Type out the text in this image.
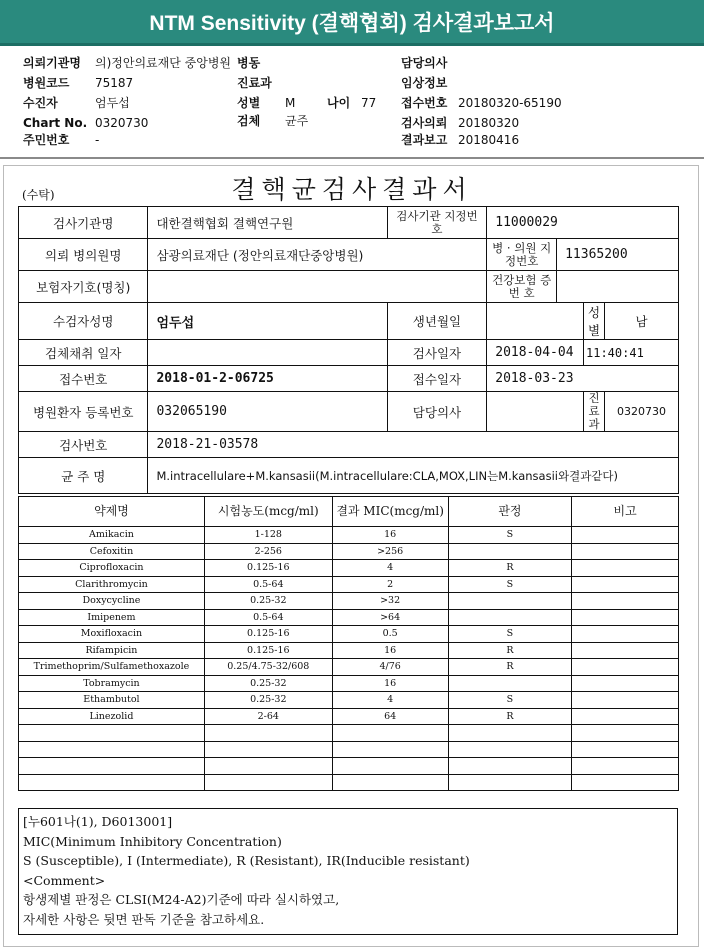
NTM Sensitivity (결핵협회) 검사결과보고서
의뢰기관명 의)정안의료재단 중앙병원 병동	담당의사
병원코드 75187	진료과	임상정보
수진자	엄두섭	성별 M	나이 77 접수번호 20180320-65190
Chart No. 0320730	검체 균주	검사의뢰 20180320
주민번호 -	결과보고 20180416
결핵균검사결과서
(수탁)
검사기관명	대한결핵협회 결핵연구원	검사기관 지정번호	11000029			
의뢰 병의원명	삼광의료재단 (정안의료재단중앙병원)		병 · 의원 지정번호	11365200		
보험자기호(명칭)			건강보험 증 번 호			
수검자성명	엄두섭	생년월일			성별	남
검체채취 일자		검사일자	2018-04-04		11:40:41	
접수번호	2018-01-2-06725	접수일자	2018-03-23			
병원환자 등록번호	032065190	담당의사			진료과	0320730
검사번호	2018-21-03578					
균 주 명	M.intracellulare+M.kansasii(M.intracellulare:CLA,MOX,LIN는M.kansasii와결과같다)					
약제명	시험농도(mcg/ml)	결과 MIC(mcg/ml)	판정	비고
Amikacin	1-128	16	S	
Cefoxitin	2-256	>256		
Ciprofloxacin	0.125-16	4	R	
Clarithromycin	0.5-64	2	S	
Doxycycline	0.25-32	>32		
Imipenem	0.5-64	>64		
Moxifloxacin	0.125-16	0.5	S	
Rifampicin	0.125-16	16	R	
Trimethoprim/Sulfamethoxazole	0.25/4.75-32/608	4/76	R	
Tobramycin	0.25-32	16		
Ethambutol	0.25-32	4	S	
Linezolid	2-64	64	R	

[누601나(1), D6013001]
MIC(Minimum Inhibitory Concentration)
S (Susceptible), I (Intermediate), R (Resistant), IR(Inducible resistant)
<Comment>
항생제별 판정은 CLSI(M24-A2)기준에 따라 실시하였고,
자세한 사항은 뒷면 판독 기준을 참고하세요.
